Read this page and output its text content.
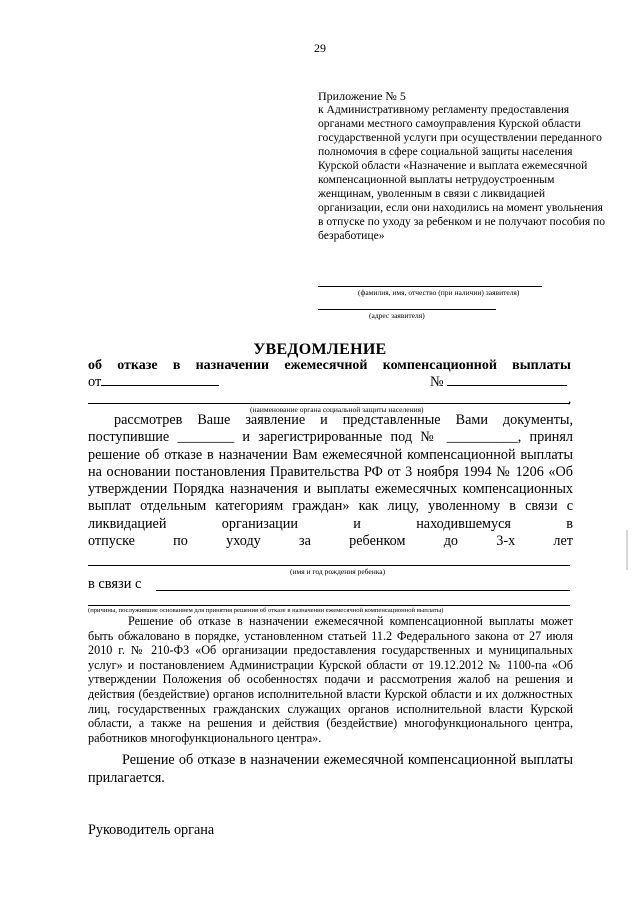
29
Приложение № 5
к Административному регламенту предоставления органами местного самоуправления Курской области государственной услуги при осуществлении переданного полномочия в сфере социальной защиты населения Курской области «Назначение и выплата ежемесячной компенсационной выплаты нетрудоустроенным женщинам, уволенным в связи с ликвидацией организации, если они находились на момент увольнения в отпуске по уходу за ребенком и не получают пособия по безработице»
(фамилия, имя, отчество (при наличии) заявителя)
(адрес заявителя)
УВЕДОМЛЕНИЕ
об отказе в назначении ежемесячной компенсационной выплаты
от	№
,
(наименование органа социальной защиты населения)
рассмотрев Ваше заявление и представленные Вами документы, поступившие ________ и зарегистрированные под № __________, принял решение об отказе в назначении Вам ежемесячной компенсационной выплаты на основании постановления Правительства РФ от 3 ноября 1994 № 1206 «Об утверждении Порядка назначения и выплаты ежемесячных компенсационных выплат отдельным категориям граждан» как лицу, уволенному в связи с ликвидацией организации и находившемуся в
отпуске по уходу за ребенком до 3-х лет
(имя и год рождения ребенка)
в связи с
(причины, послужившие основанием для принятия решения об отказе в назначении ежемесячной компенсационной выплаты)
Решение об отказе в назначении ежемесячной компенсационной выплаты может быть обжаловано в порядке, установленном статьей 11.2 Федерального закона от 27 июля 2010 г. № 210-ФЗ «Об организации предоставления государственных и муниципальных услуг» и постановлением Администрации Курской области от 19.12.2012 № 1100-па «Об утверждении Положения об особенностях подачи и рассмотрения жалоб на решения и действия (бездействие) органов исполнительной власти Курской области и их должностных лиц, государственных гражданских служащих органов исполнительной власти Курской области, а также на решения и действия (бездействие) многофункционального центра, работников многофункционального центра».
Решение об отказе в назначении ежемесячной компенсационной выплаты прилагается.
Руководитель органа
